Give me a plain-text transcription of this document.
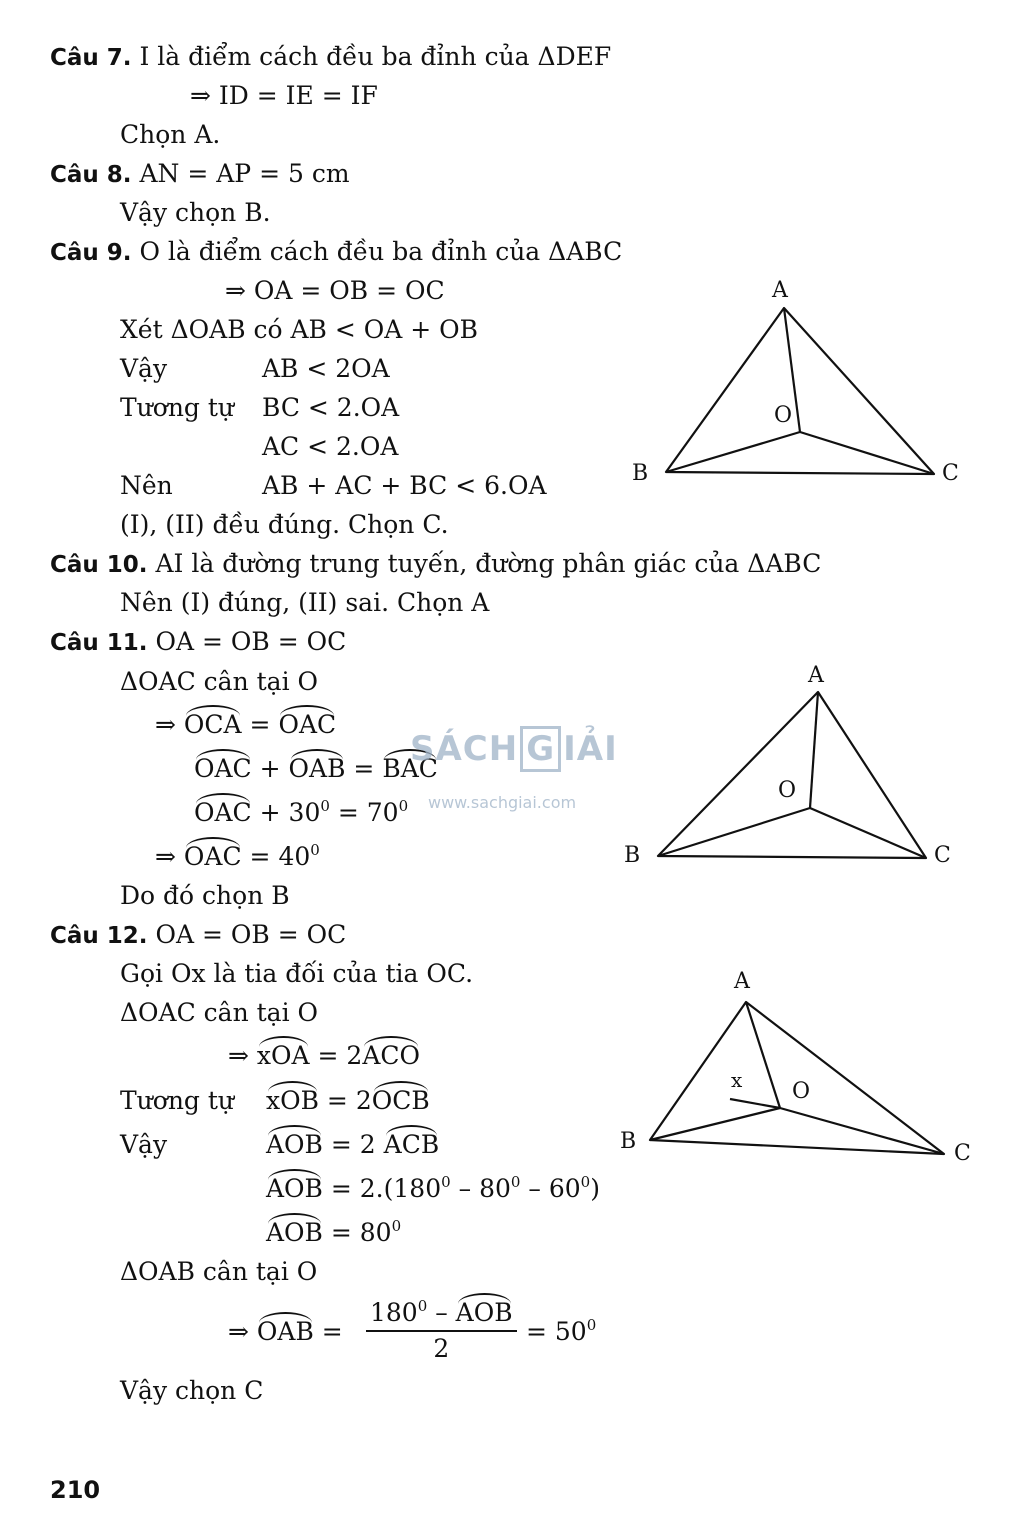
Câu 7. I là điểm cách đều ba đỉnh của ΔDEF
⇒ ID = IE = IF
Chọn A.
Câu 8. AN = AP = 5 cm
Vậy chọn B.
Câu 9. O là điểm cách đều ba đỉnh của ΔABC
⇒ OA = OB = OC
Xét ΔOAB có AB < OA + OB
Vậy	AB < 2OA
Tương tự BC < 2.OA
AC < 2.OA
Nên	AB + AC + BC < 6.OA
(I), (II) đều đúng. Chọn C.
A
B	C
O
Câu 10. AI là đường trung tuyến, đường phân giác của ΔABC
Nên (I) đúng, (II) sai. Chọn A
Câu 11. OA = OB = OC
ΔOAC cân tại O
⇒ OCA = OAC
OAC + OAB = BAC
OAC + $30^0 = 70^0$
⇒ OAC = $40^0$
Do đó chọn B
A
B	C
O
SÁCH G IẢI
www.sachgiai.com
Câu 12. OA = OB = OC
Gọi Ox là tia đối của tia OC.
ΔOAC cân tại O
⇒ xOA = 2ACO
Tương tự xOB = 2OCB
Vậy	AOB = 2 ACB
AOB = $2.(180^0 - 80^0 - 60^0)$
AOB = $80^0$
ΔOAB cân tại O
⇒ OAB =
$180^0$ – AOB
2
= $50^0$
Vậy chọn C
A
B	C
O
x
210
